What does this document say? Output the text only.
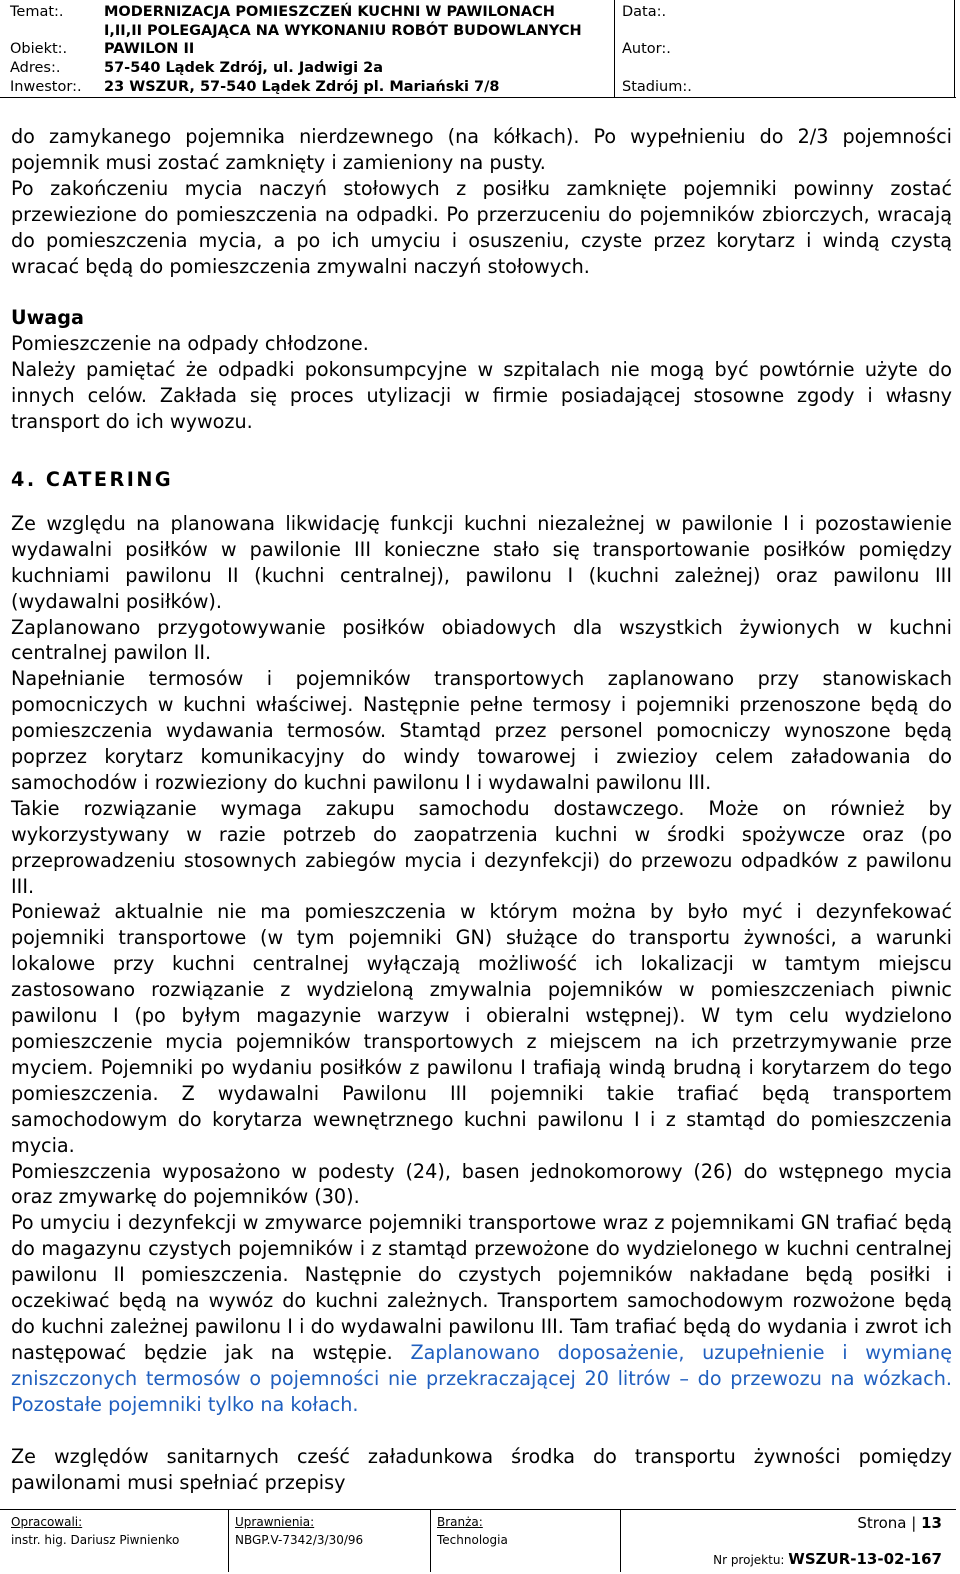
Temat:.	MODERNIZACJA POMIESZCZEŃ KUCHNI W PAWILONACH	Data:.
I,II,II POLEGAJĄCA NA WYKONANIU ROBÓT BUDOWLANYCH
Obiekt:.	PAWILON II	Autor:.
Adres:.	57-540 Lądek Zdrój, ul. Jadwigi 2a
Inwestor:. 23 WSZUR, 57-540 Lądek Zdrój pl. Mariański 7/8	Stadium:.

do zamykanego pojemnika nierdzewnego (na kółkach). Po wypełnieniu do 2/3 pojemności pojemnik musi zostać zamknięty i zamieniony na pusty.

Po zakończeniu mycia naczyń stołowych z posiłku zamknięte pojemniki powinny zostać przewiezione do pomieszczenia na odpadki. Po przerzuceniu do pojemników zbiorczych, wracają do pomieszczenia mycia, a po ich umyciu i osuszeniu, czyste przez korytarz i windą czystą wracać będą do pomieszczenia zmywalni naczyń stołowych.

Uwaga

Pomieszczenie na odpady chłodzone.

Należy pamiętać że odpadki pokonsumpcyjne w szpitalach nie mogą być powtórnie użyte do innych celów. Zakłada się proces utylizacji w firmie posiadającej stosowne zgody i własny transport do ich wywozu.

4. CATERING

Ze względu na planowana likwidację funkcji kuchni niezależnej w pawilonie I i pozostawienie wydawalni posiłków w pawilonie III konieczne stało się transportowanie posiłków pomiędzy kuchniami pawilonu II (kuchni centralnej), pawilonu I (kuchni zależnej) oraz pawilonu III (wydawalni posiłków).

Zaplanowano przygotowywanie posiłków obiadowych dla wszystkich żywionych w kuchni centralnej pawilon II.

Napełnianie termosów i pojemników transportowych zaplanowano przy stanowiskach pomocniczych w kuchni właściwej. Następnie pełne termosy i pojemniki przenoszone będą do pomieszczenia wydawania termosów. Stamtąd przez personel pomocniczy wynoszone będą poprzez korytarz komunikacyjny do windy towarowej i zwiezioy celem załadowania do samochodów i rozwieziony do kuchni pawilonu I i wydawalni pawilonu III.

Takie rozwiązanie wymaga zakupu samochodu dostawczego. Może on również by wykorzystywany w razie potrzeb do zaopatrzenia kuchni w środki spożywcze oraz (po przeprowadzeniu stosownych zabiegów mycia i dezynfekcji) do przewozu odpadków z pawilonu III.

Ponieważ aktualnie nie ma pomieszczenia w którym można by było myć i dezynfekować pojemniki transportowe (w tym pojemniki GN) służące do transportu żywności, a warunki lokalowe przy kuchni centralnej wyłączają możliwość ich lokalizacji w tamtym miejscu zastosowano rozwiązanie z wydzieloną zmywalnia pojemników w pomieszczeniach piwnic pawilonu I (po byłym magazynie warzyw i obieralni wstępnej). W tym celu wydzielono pomieszczenie mycia pojemników transportowych z miejscem na ich przetrzymywanie prze myciem. Pojemniki po wydaniu posiłków z pawilonu I trafiają windą brudną i korytarzem do tego pomieszczenia. Z wydawalni Pawilonu III pojemniki takie trafiać będą transportem samochodowym do korytarza wewnętrznego kuchni pawilonu I i z stamtąd do pomieszczenia mycia.

Pomieszczenia wyposażono w podesty (24), basen jednokomorowy (26) do wstępnego mycia oraz zmywarkę do pojemników (30).

Po umyciu i dezynfekcji w zmywarce pojemniki transportowe wraz z pojemnikami GN trafiać będą do magazynu czystych pojemników i z stamtąd przewożone do wydzielonego w kuchni centralnej pawilonu II pomieszczenia. Następnie do czystych pojemników nakładane będą posiłki i oczekiwać będą na wywóz do kuchni zależnych. Transportem samochodowym rozwożone będą do kuchni zależnej pawilonu I i do wydawalni pawilonu III. Tam trafiać będą do wydania i zwrot ich następować będzie jak na wstępie. Zaplanowano doposażenie, uzupełnienie i wymianę zniszczonych termosów o pojemności nie przekraczającej 20 litrów – do przewozu na wózkach. Pozostałe pojemniki tylko na kołach.

Ze względów sanitarnych cześć załadunkowa środka do transportu żywności pomiędzy pawilonami musi spełniać przepisy

Opracowali:
instr. hig. Dariusz Piwnienko
Uprawnienia:
NBGP.V-7342/3/30/96
Branża:
Technologia
Strona | 13
Nr projektu: WSZUR-13-02-167
